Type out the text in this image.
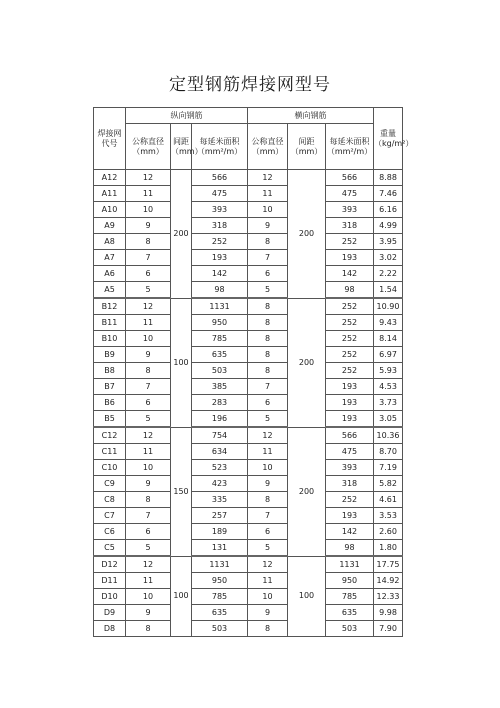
定型钢筋焊接网型号
焊接网代号	纵向钢筋			横向钢筋			重量（kg/m²）
	公称直径（mm）	间距（mm）	每延米面积（mm²/m）	公称直径（mm）	间距（mm）	每延米面积（mm²/m）	
A12	12	200	566	12	200	566	8.88
A11	11		475	11		475	7.46
A10	10		393	10		393	6.16
A9	9		318	9		318	4.99
A8	8		252	8		252	3.95
A7	7		193	7		193	3.02
A6	6		142	6		142	2.22
A5	5		98	5		98	1.54
B12	12	100	1131	8	200	252	10.90
B11	11		950	8		252	9.43
B10	10		785	8		252	8.14
B9	9		635	8		252	6.97
B8	8		503	8		252	5.93
B7	7		385	7		193	4.53
B6	6		283	6		193	3.73
B5	5		196	5		193	3.05
C12	12	150	754	12	200	566	10.36
C11	11		634	11		475	8.70
C10	10		523	10		393	7.19
C9	9		423	9		318	5.82
C8	8		335	8		252	4.61
C7	7		257	7		193	3.53
C6	6		189	6		142	2.60
C5	5		131	5		98	1.80
D12	12	100	1131	12	100	1131	17.75
D11	11		950	11		950	14.92
D10	10		785	10		785	12.33
D9	9		635	9		635	9.98
D8	8		503	8		503	7.90
